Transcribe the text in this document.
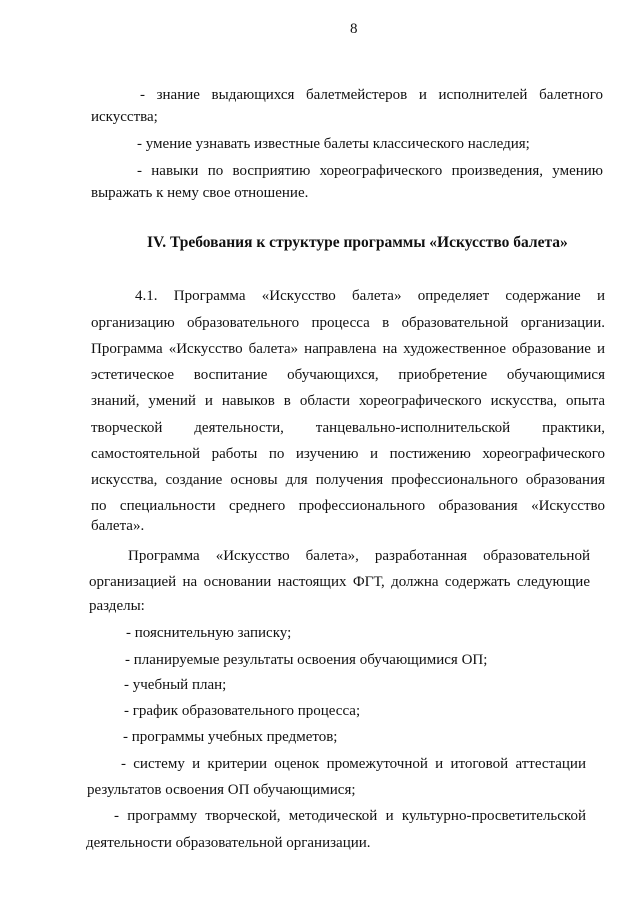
8
- знание выдающихся балетмейстеров и исполнителей балетного
искусства;
- умение узнавать известные балеты классического наследия;
- навыки по восприятию хореографического произведения, умению
выражать к нему свое отношение.
IV. Требования к структуре программы «Искусство балета»
4.1. Программа «Искусство балета» определяет содержание и
организацию образовательного процесса в образовательной организации.
Программа «Искусство балета» направлена на художественное образование и
эстетическое воспитание обучающихся, приобретение обучающимися
знаний, умений и навыков в области хореографического искусства, опыта
творческой деятельности, танцевально-исполнительской практики,
самостоятельной работы по изучению и постижению хореографического
искусства, создание основы для получения профессионального образования
по специальности среднего профессионального образования «Искусство
балета».
Программа «Искусство балета», разработанная образовательной
организацией на основании настоящих ФГТ, должна содержать следующие
разделы:
- пояснительную записку;
- планируемые результаты освоения обучающимися ОП;
- учебный план;
- график образовательного процесса;
- программы учебных предметов;
- систему и критерии оценок промежуточной и итоговой аттестации
результатов освоения ОП обучающимися;
- программу творческой, методической и культурно-просветительской
деятельности образовательной организации.
